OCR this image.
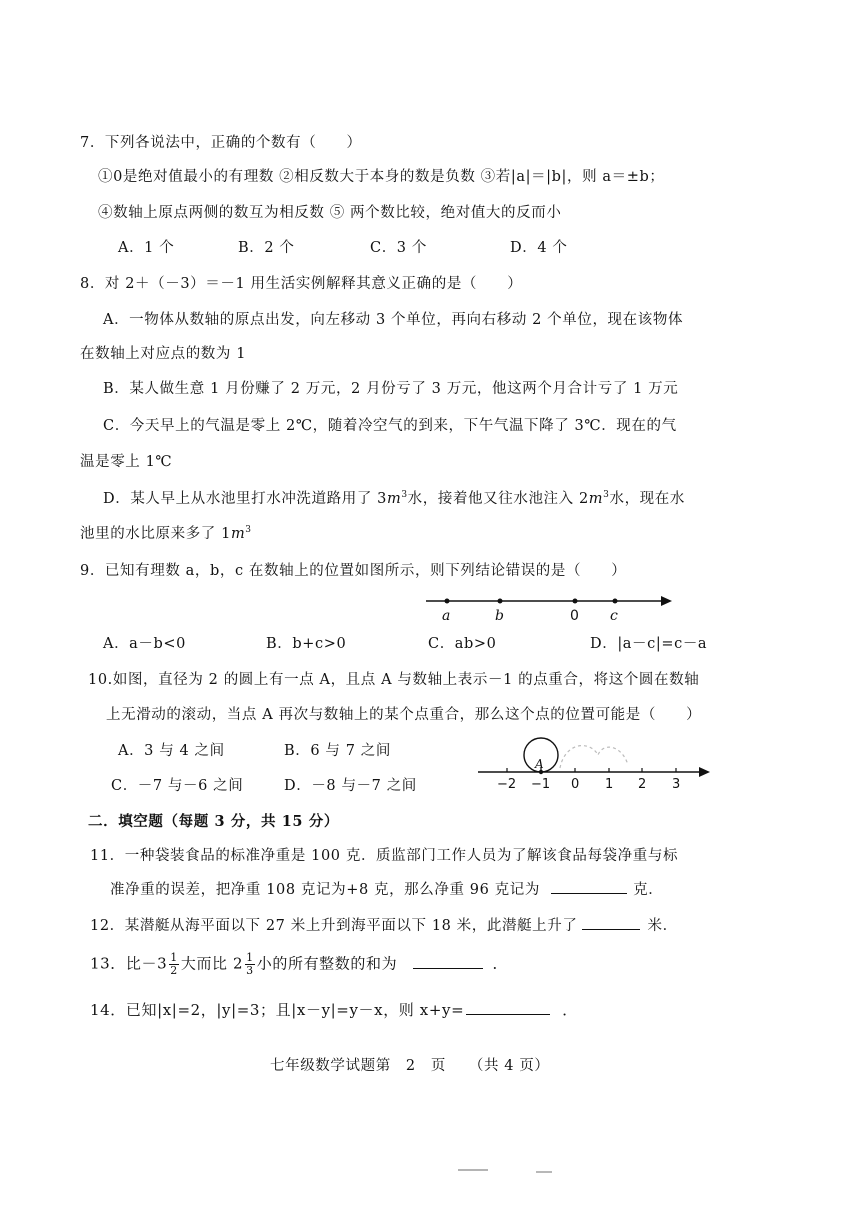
7．下列各说法中，正确的个数有（　　）
①0是绝对值最小的有理数 ②相反数大于本身的数是负数 ③若|a|＝|b|，则 a＝±b；
④数轴上原点两侧的数互为相反数 ⑤ 两个数比较，绝对值大的反而小
A．1 个	B．2 个	C．3 个	D．4 个
8．对 2＋（－3）＝－1 用生活实例解释其意义正确的是（　　）
A．一物体从数轴的原点出发，向左移动 3 个单位，再向右移动 2 个单位，现在该物体
在数轴上对应点的数为 1
B．某人做生意 1 月份赚了 2 万元，2 月份亏了 3 万元，他这两个月合计亏了 1 万元
C．今天早上的气温是零上 2℃，随着冷空气的到来，下午气温下降了 3℃．现在的气
温是零上 1℃
D．某人早上从水池里打水冲洗道路用了 $3m^3$水，接着他又往水池注入 $2m^3$水，现在水
池里的水比原来多了 $1m^3$
9．已知有理数 a，b，c 在数轴上的位置如图所示，则下列结论错误的是（　　）
a	b	0 c
A．a－b<0	B．b+c>0	C．ab>0	D．|a－c|=c－a
10.如图，直径为 2 的圆上有一点 A，且点 A 与数轴上表示－1 的点重合，将这个圆在数轴
上无滑动的滚动，当点 A 再次与数轴上的某个点重合，那么这个点的位置可能是（　　）
A．3 与 4 之间	B．6 与 7 之间
C．－7 与－6 之间	D．－8 与－7 之间
A
−2 −1 0 1 2 3
二．填空题（每题 3 分，共 15 分）
11．一种袋装食品的标准净重是 100 克．质监部门工作人员为了解该食品每袋净重与标
准净重的误差，把净重 108 克记为+8 克，那么净重 96 克记为	克．
12．某潜艇从海平面以下 27 米上升到海平面以下 18 米，此潜艇上升了	米．
13．比$-3 \frac{1}{2}$ 大而比 $2 \frac{1}{3}$ 小的所有整数的和为	．
14．已知|x|=2，|y|=3；且|x－y|=y－x，则 x+y=	．
七年级数学试题第　2　页　　（共 4 页）
